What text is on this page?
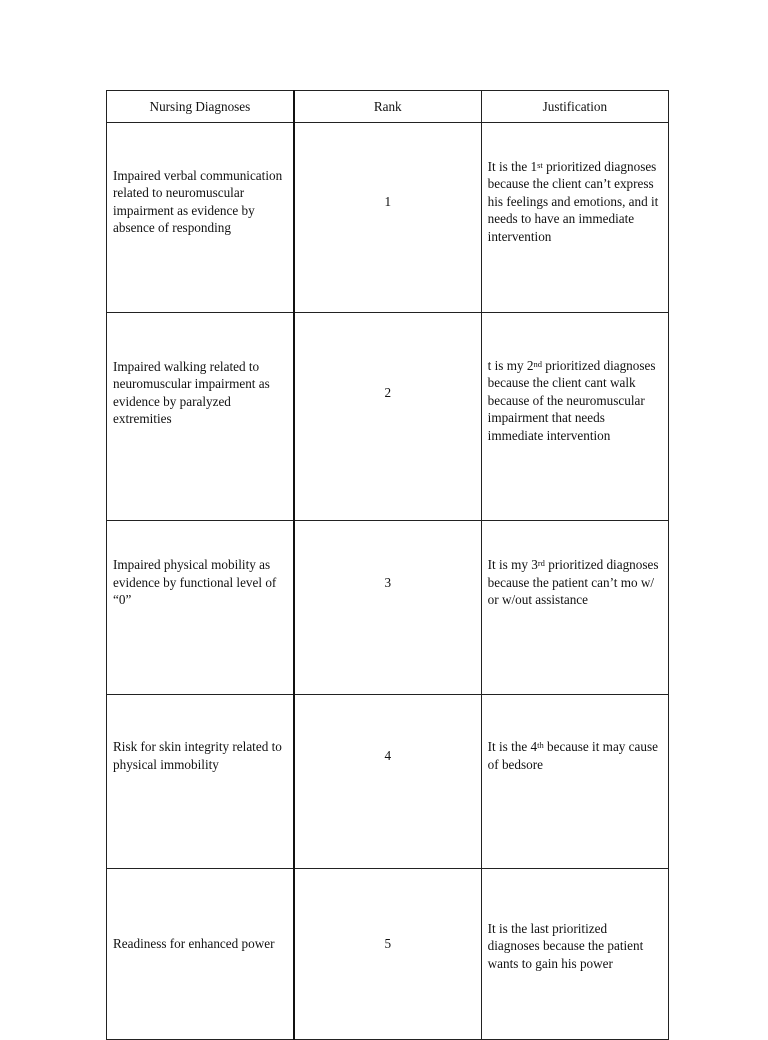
Nursing Diagnoses	Rank	Justification

Impaired verbal communication related to neuromuscular impairment as evidence by absence of responding	1	It is the 1st prioritized diagnoses because the client can’t express his feelings and emotions, and it needs to have an immediate intervention

Impaired walking related to neuromuscular impairment as evidence by paralyzed extremities	2	t is my 2nd prioritized diagnoses because the client cant walk because of the neuromuscular impairment that needs immediate intervention

Impaired physical mobility as evidence by functional level of “0”	3	It is my 3rd prioritized diagnoses because the patient can’t mo w/ or w/out assistance

Risk for skin integrity related to physical immobility	4	It is the 4th because it may cause of bedsore

Readiness for enhanced power	5	It is the last prioritized diagnoses because the patient wants to gain his power
